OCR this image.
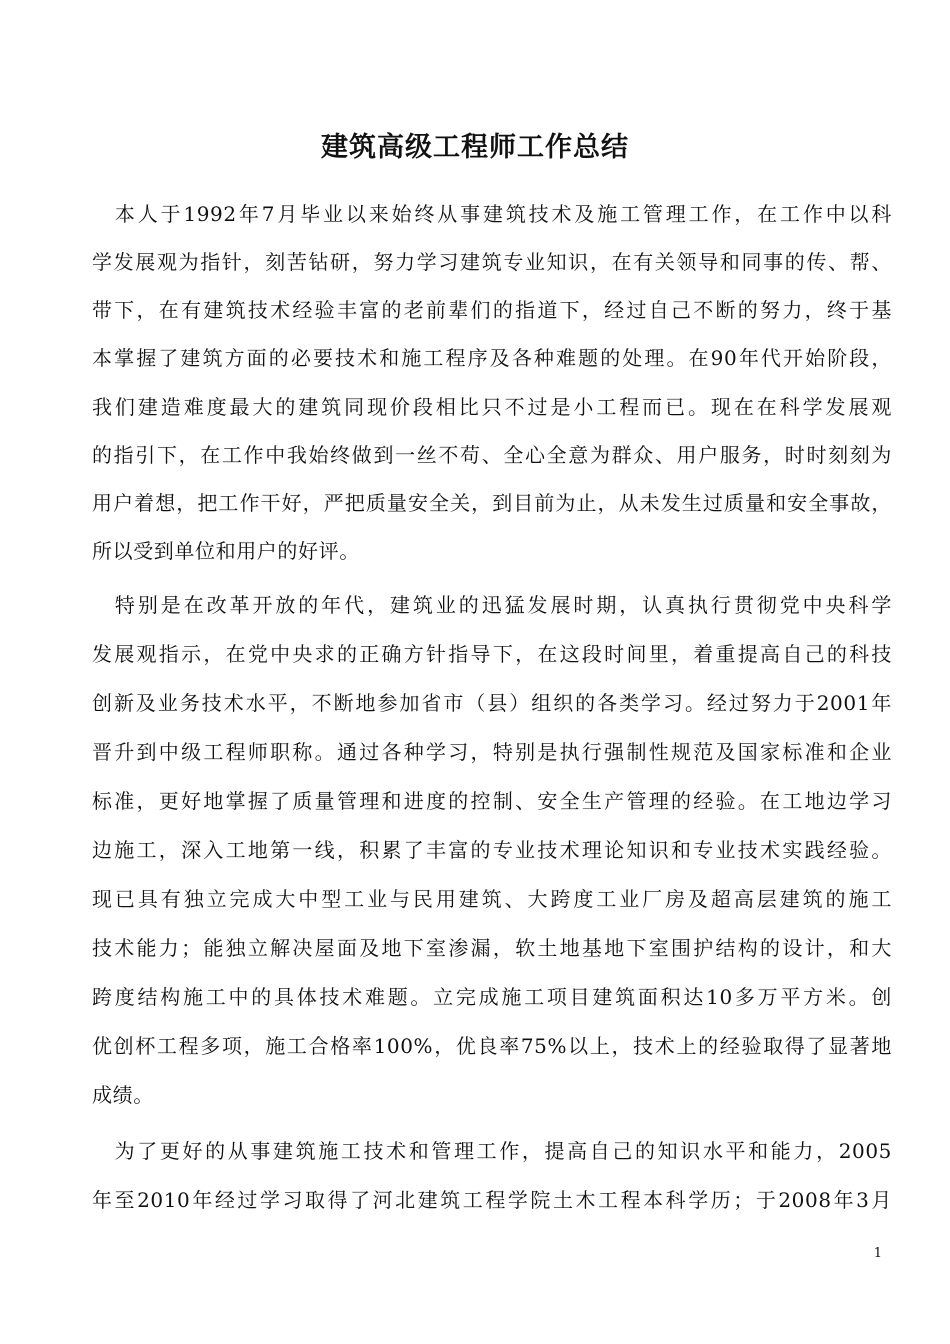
建筑高级工程师工作总结
　本人于1992年7月毕业以来始终从事建筑技术及施工管理工作，在工作中以科
学发展观为指针，刻苦钻研，努力学习建筑专业知识，在有关领导和同事的传、帮、
带下，在有建筑技术经验丰富的老前辈们的指道下，经过自己不断的努力，终于基
本掌握了建筑方面的必要技术和施工程序及各种难题的处理。在90年代开始阶段，
我们建造难度最大的建筑同现价段相比只不过是小工程而已。现在在科学发展观
的指引下，在工作中我始终做到一丝不苟、全心全意为群众、用户服务，时时刻刻为
用户着想，把工作干好，严把质量安全关，到目前为止，从未发生过质量和安全事故，
所以受到单位和用户的好评。
　特别是在改革开放的年代，建筑业的迅猛发展时期，认真执行贯彻党中央科学
发展观指示，在党中央求的正确方针指导下，在这段时间里，着重提高自己的科技
创新及业务技术水平，不断地参加省市（县）组织的各类学习。经过努力于2001年
晋升到中级工程师职称。通过各种学习，特别是执行强制性规范及国家标准和企业
标准，更好地掌握了质量管理和进度的控制、安全生产管理的经验。在工地边学习
边施工，深入工地第一线，积累了丰富的专业技术理论知识和专业技术实践经验。
现已具有独立完成大中型工业与民用建筑、大跨度工业厂房及超高层建筑的施工
技术能力；能独立解决屋面及地下室渗漏，软土地基地下室围护结构的设计，和大
跨度结构施工中的具体技术难题。立完成施工项目建筑面积达10多万平方米。创
优创杯工程多项，施工合格率100%，优良率75%以上，技术上的经验取得了显著地
成绩。
　为了更好的从事建筑施工技术和管理工作，提高自己的知识水平和能力，2005
年至2010年经过学习取得了河北建筑工程学院土木工程本科学历；于2008年3月
1
